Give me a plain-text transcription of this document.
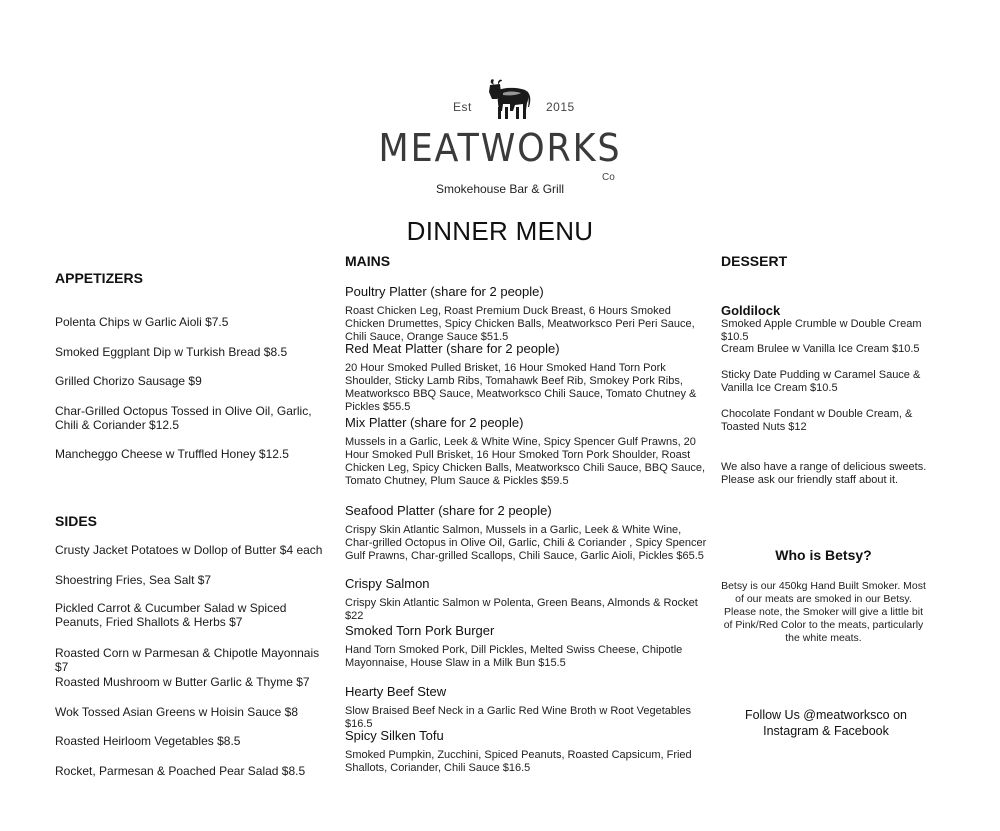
Est	2015
MEATWORKS
Co
Smokehouse Bar & Grill
DINNER MENU
APPETIZERS
Polenta Chips w Garlic Aioli $7.5
Smoked Eggplant Dip w Turkish Bread $8.5
Grilled Chorizo Sausage $9
Char-Grilled Octopus Tossed in Olive Oil, Garlic, Chili & Coriander $12.5
Mancheggo Cheese w Truffled Honey $12.5
SIDES
Crusty Jacket Potatoes w Dollop of Butter $4 each
Shoestring Fries, Sea Salt $7
Pickled Carrot & Cucumber Salad w Spiced Peanuts, Fried Shallots & Herbs $7
Roasted Corn w Parmesan & Chipotle Mayonnais $7
Roasted Mushroom w Butter Garlic & Thyme $7
Wok Tossed Asian Greens w Hoisin Sauce $8
Roasted Heirloom Vegetables $8.5
Rocket, Parmesan & Poached Pear Salad $8.5
MAINS
Poultry Platter (share for 2 people)
Roast Chicken Leg, Roast Premium Duck Breast, 6 Hours Smoked Chicken Drumettes, Spicy Chicken Balls, Meatworksco Peri Peri Sauce, Chili Sauce, Orange Sauce $51.5
Red Meat Platter (share for 2 people)
20 Hour Smoked Pulled Brisket, 16 Hour Smoked Hand Torn Pork Shoulder, Sticky Lamb Ribs, Tomahawk Beef Rib, Smokey Pork Ribs, Meatworksco BBQ Sauce, Meatworksco Chili Sauce, Tomato Chutney & Pickles $55.5
Mix Platter (share for 2 people)
Mussels in a Garlic, Leek & White Wine, Spicy Spencer Gulf Prawns, 20 Hour Smoked Pull Brisket, 16 Hour Smoked Torn Pork Shoulder, Roast Chicken Leg, Spicy Chicken Balls, Meatworksco Chili Sauce, BBQ Sauce, Tomato Chutney, Plum Sauce & Pickles $59.5
Seafood Platter (share for 2 people)
Crispy Skin Atlantic Salmon, Mussels in a Garlic, Leek & White Wine, Char-grilled Octopus in Olive Oil, Garlic, Chili & Coriander , Spicy Spencer Gulf Prawns, Char-grilled Scallops, Chili Sauce, Garlic Aioli, Pickles $65.5
Crispy Salmon
Crispy Skin Atlantic Salmon w Polenta, Green Beans, Almonds & Rocket $22
Smoked Torn Pork Burger
Hand Torn Smoked Pork, Dill Pickles, Melted Swiss Cheese, Chipotle Mayonnaise, House Slaw in a Milk Bun $15.5
Hearty Beef Stew
Slow Braised Beef Neck in a Garlic Red Wine Broth w Root Vegetables $16.5
Spicy Silken Tofu
Smoked Pumpkin, Zucchini, Spiced Peanuts, Roasted Capsicum, Fried Shallots, Coriander, Chili Sauce $16.5
DESSERT
Goldilock
Smoked Apple Crumble w Double Cream $10.5
Cream Brulee w Vanilla Ice Cream $10.5
Sticky Date Pudding w Caramel Sauce & Vanilla Ice Cream $10.5
Chocolate Fondant w Double Cream, & Toasted Nuts $12
We also have a range of delicious sweets. Please ask our friendly staff about it.
Who is Betsy?
Betsy is our 450kg Hand Built Smoker. Most of our meats are smoked in our Betsy. Please note, the Smoker will give a little bit of Pink/Red Color to the meats, particularly the white meats.
Follow Us @meatworksco on Instagram & Facebook
